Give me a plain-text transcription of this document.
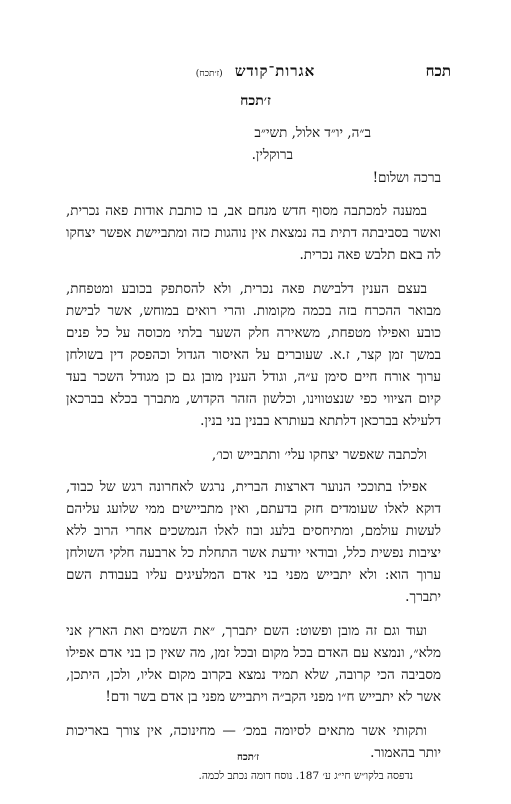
תכח
אגרות־קודש (ז׳תכח)
ז׳תכח
ב״ה, יו״ד אלול, תשי״ב
ברוקלין.
ברכה ושלום!

במענה למכתבה מסוף חדש מנחם אב, בו כותבת אודות פאה נכרית, ואשר בסביבתה דתית בה נמצאת אין נוהגות כזה ומתביישת אפשר יצחקו לה באם תלבש פאה נכרית.

בעצם הענין דלבישת פאה נכרית, ולא להסתפק בכובע ומטפחת, מבואר ההכרח בזה בכמה מקומות. והרי רואים במוחש, אשר לבישת כובע ואפילו מטפחת, משאירה חלק השער בלתי מכוסה על כל פנים במשך זמן קצר, ז.א. שעוברים על האיסור הגדול וכהפסק דין בשולחן ערוך אורח חיים סימן ע״ה, וגודל הענין מובן גם כן מגודל השכר בעד קיום הציווי כפי שנצטווינו, וכלשון הזהר הקדוש, מתברך בכלא בברכאן דלעילא בברכאן דלתתא בעותרא בבנין בני בנין.

ולכתבה שאפשר יצחקו עלי׳ ותתבייש וכו׳,

אפילו בתוככי הנוער דארצות הברית, נרגש לאחרונה רגש של כבוד, דוקא לאלו שעומדים חזק בדעתם, ואין מתביישים ממי שלועג עליהם לעשות עולמם, ומתיחסים בלעג ובוז לאלו הנמשכים אחרי הרוב ללא יציבות נפשית כלל, ובודאי יודעת אשר התחלת כל ארבעה חלקי השולחן ערוך הוא: ולא יתבייש מפני בני אדם המלעיגים עליו בעבודת השם יתברך.

ועוד וגם זה מובן ופשוט: השם יתברך, ״את השמים ואת הארץ אני מלא״, ונמצא עם האדם בכל מקום ובכל זמן, מה שאין כן בני אדם אפילו מסביבה הכי קרובה, שלא תמיד נמצא בקרוב מקום אליו, ולכן, היתכן, אשר לא יתבייש ח״ו מפני הקב״ה ויתבייש מפני בן אדם בשר ודם!

ותקותי אשר מתאים לסיומה במכ׳ — מחינוכה, אין צורך באריכות יותר בהאמור.

ז׳תכח
נדפסה בלקו״ש חי״ג ע׳ 187. נוסח דומה נכתב לכמה.
